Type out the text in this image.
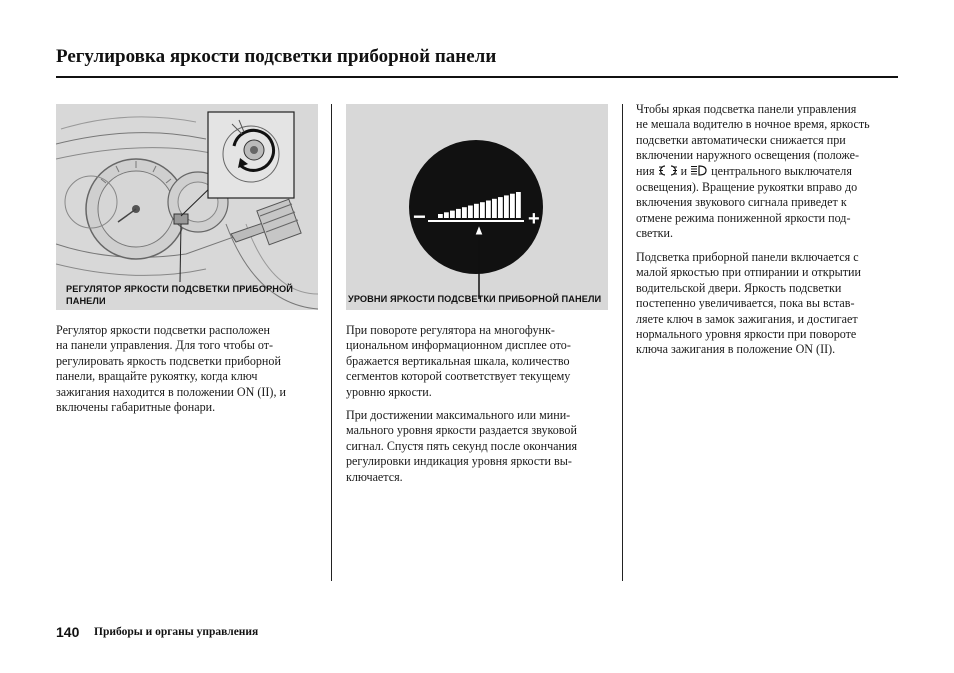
Регулировка яркости подсветки приборной панели
РЕГУЛЯТОР ЯРКОСТИ ПОДСВЕТКИ ПРИБОРНОЙ
ПАНЕЛИ
−	+
УРОВНИ ЯРКОСТИ ПОДСВЕТКИ ПРИБОРНОЙ ПАНЕЛИ
Регулятор яркости подсветки расположен
на панели управления. Для того чтобы от-
регулировать яркость подсветки приборной
панели, вращайте рукоятку, когда ключ
зажигания находится в положении ON (II), и
включены габаритные фонари.
При повороте регулятора на многофунк-
циональном информационном дисплее ото-
бражается вертикальная шкала, количество
сегментов которой соответствует текущему
уровню яркости.
При достижении максимального или мини-
мального уровня яркости раздается звуковой
сигнал. Спустя пять секунд после окончания
регулировки индикация уровня яркости вы-
ключается.
Чтобы яркая подсветка панели управления
не мешала водителю в ночное время, яркость
подсветки автоматически снижается при
включении наружного освещения (положе-
ния и центрального выключателя
освещения). Вращение рукоятки вправо до
включения звукового сигнала приведет к
отмене режима пониженной яркости под-
светки.
Подсветка приборной панели включается с
малой яркостью при отпирании и открытии
водительской двери. Яркость подсветки
постепенно увеличивается, пока вы встав-
ляете ключ в замок зажигания, и достигает
нормального уровня яркости при повороте
ключа зажигания в положение ON (II).
140 Приборы и органы управления
